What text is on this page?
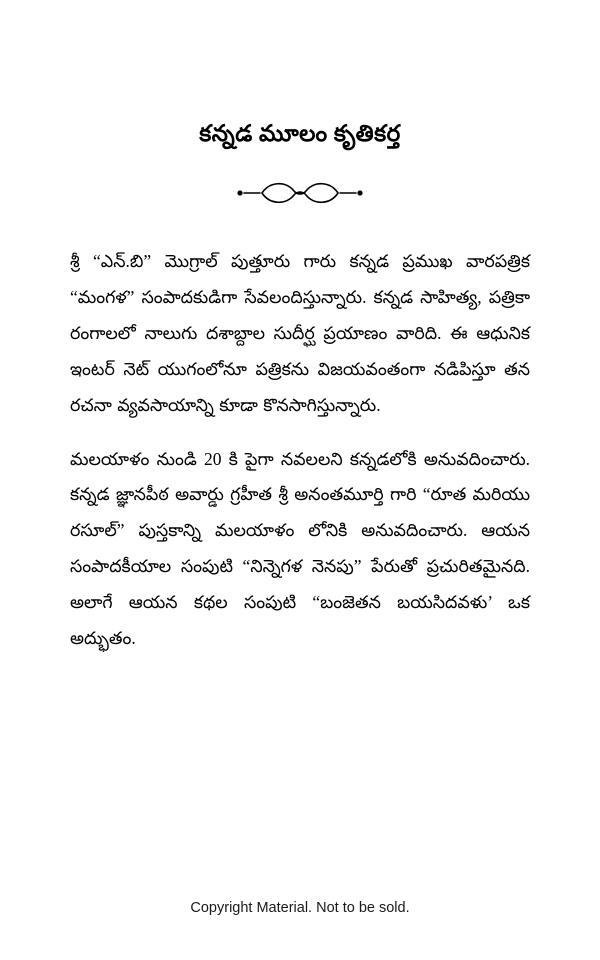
కన్నడ మూలం కృతికర్త

శ్రీ “ఎన్‌.బి” మొగ్రాల్ పుత్తూరు గారు కన్నడ ప్రముఖ వారపత్రిక “మంగళ” సంపాదకుడిగా సేవలందిస్తున్నారు. కన్నడ సాహిత్య, పత్రికా రంగాలలో నాలుగు దశాబ్దాల సుదీర్ఘ ప్రయాణం వారిది. ఈ ఆధునిక ఇంటర్ నెట్ యుగంలోనూ పత్రికను విజయవంతంగా నడిపిస్తూ తన రచనా వ్యవసాయాన్ని కూడా కొనసాగిస్తున్నారు.

మలయాళం నుండి 20 కి పైగా నవలలని కన్నడలోకి అనువదించారు. కన్నడ జ్ఞానపీఠ అవార్డు గ్రహీత శ్రీ అనంతమూర్తి గారి “రూత మరియు రసూల్” పుస్తకాన్ని మలయాళం లోనికి అనువదించారు. ఆయన సంపాదకీయాల సంపుటి “నిన్నెగళ నెనపు” పేరుతో ప్రచురితమైనది. అలాగే ఆయన కథల సంపుటి “బంజెతన బయసిదవళు’ ఒక అద్భుతం.

Copyright Material. Not to be sold.
